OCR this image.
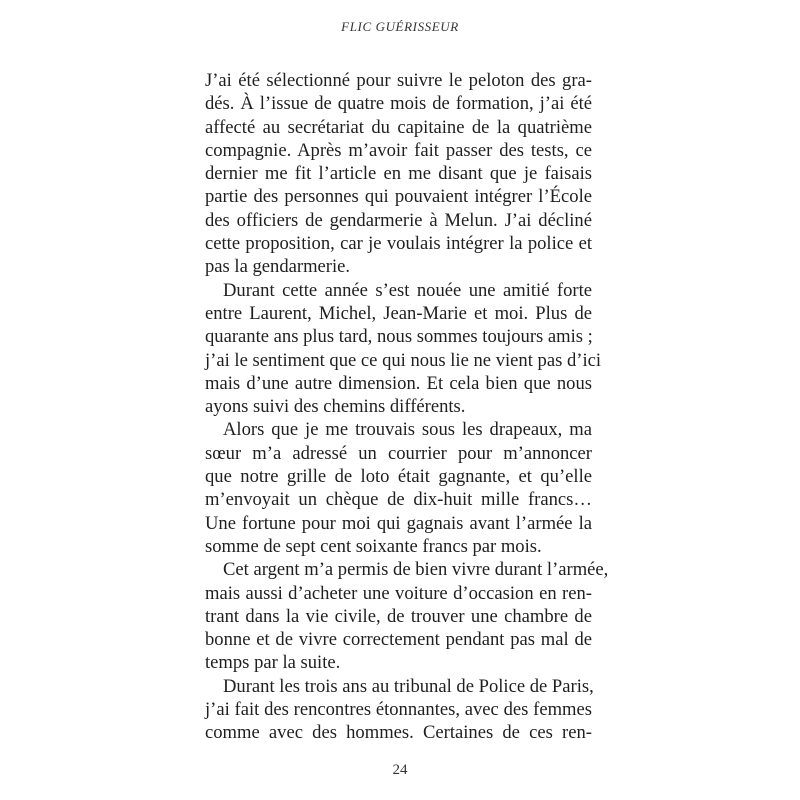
FLIC GUÉRISSEUR
J’ai été sélectionné pour suivre le peloton des gra-
dés. À l’issue de quatre mois de formation, j’ai été
affecté au secrétariat du capitaine de la quatrième
compagnie. Après m’avoir fait passer des tests, ce
dernier me fit l’article en me disant que je faisais
partie des personnes qui pouvaient intégrer l’École
des officiers de gendarmerie à Melun. J’ai décliné
cette proposition, car je voulais intégrer la police et
pas la gendarmerie.
Durant cette année s’est nouée une amitié forte
entre Laurent, Michel, Jean-Marie et moi. Plus de
quarante ans plus tard, nous sommes toujours amis ;
j’ai le sentiment que ce qui nous lie ne vient pas d’ici
mais d’une autre dimension. Et cela bien que nous
ayons suivi des chemins différents.
Alors que je me trouvais sous les drapeaux, ma
sœur m’a adressé un courrier pour m’annoncer
que notre grille de loto était gagnante, et qu’elle
m’envoyait un chèque de dix-huit mille francs…
Une fortune pour moi qui gagnais avant l’armée la
somme de sept cent soixante francs par mois.
Cet argent m’a permis de bien vivre durant l’armée,
mais aussi d’acheter une voiture d’occasion en ren-
trant dans la vie civile, de trouver une chambre de
bonne et de vivre correctement pendant pas mal de
temps par la suite.
Durant les trois ans au tribunal de Police de Paris,
j’ai fait des rencontres étonnantes, avec des femmes
comme avec des hommes. Certaines de ces ren-
24
